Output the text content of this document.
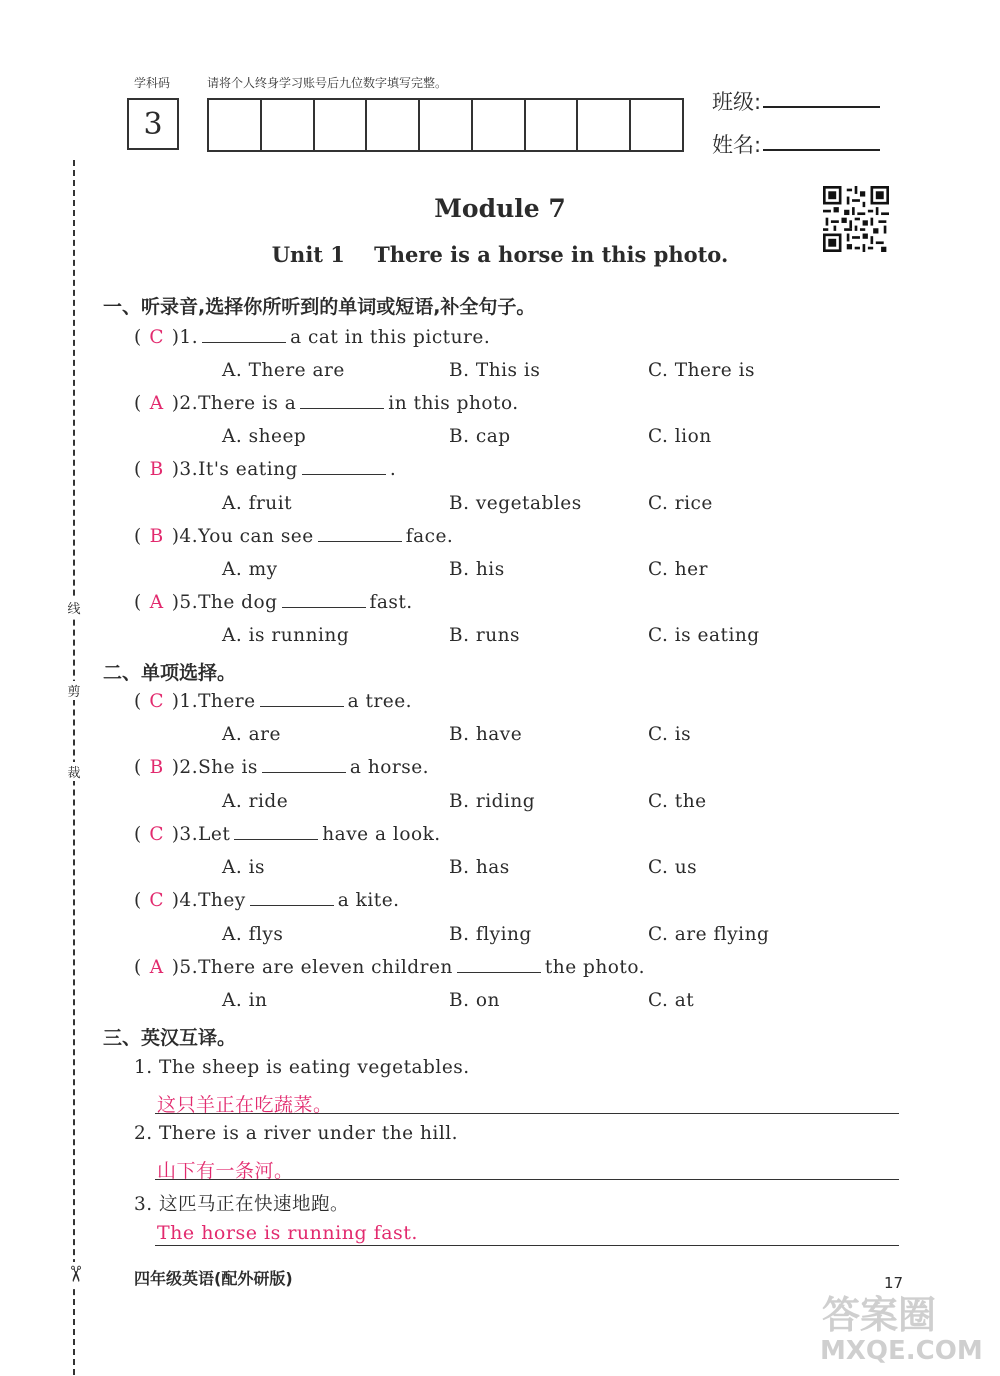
学科码	请将个人终身学习账号后九位数字填写完整。
3
班级:
姓名:
线
剪
裁
✂
Module 7
Unit 1    There is a horse in this photo.
一、听录音,选择你所听到的单词或短语,补全句子。
( C )1.	a cat in this picture.
A. There are	B. This is	C. There is
( A )2.There is a	in this photo.
A. sheep	B. cap	C. lion
( B )3.It's eating	.
A. fruit	B. vegetables	C. rice
( B )4.You can see	face.
A. my	B. his	C. her
( A )5.The dog	fast.
A. is running	B. runs	C. is eating
二、单项选择。
( C )1.There	a tree.
A. are	B. have	C. is
( B )2.She is	a horse.
A. ride	B. riding	C. the
( C )3.Let	have a look.
A. is	B. has	C. us
( C )4.They	a kite.
A. flys	B. flying	C. are flying
( A )5.There are eleven children	the photo.
A. in	B. on	C. at
三、英汉互译。
1. The sheep is eating vegetables.
这只羊正在吃蔬菜。
2. There is a river under the hill.
山下有一条河。
3. 这匹马正在快速地跑。
The horse is running fast.
四年级英语(配外研版)	17
答案圈
MXQE.COM
